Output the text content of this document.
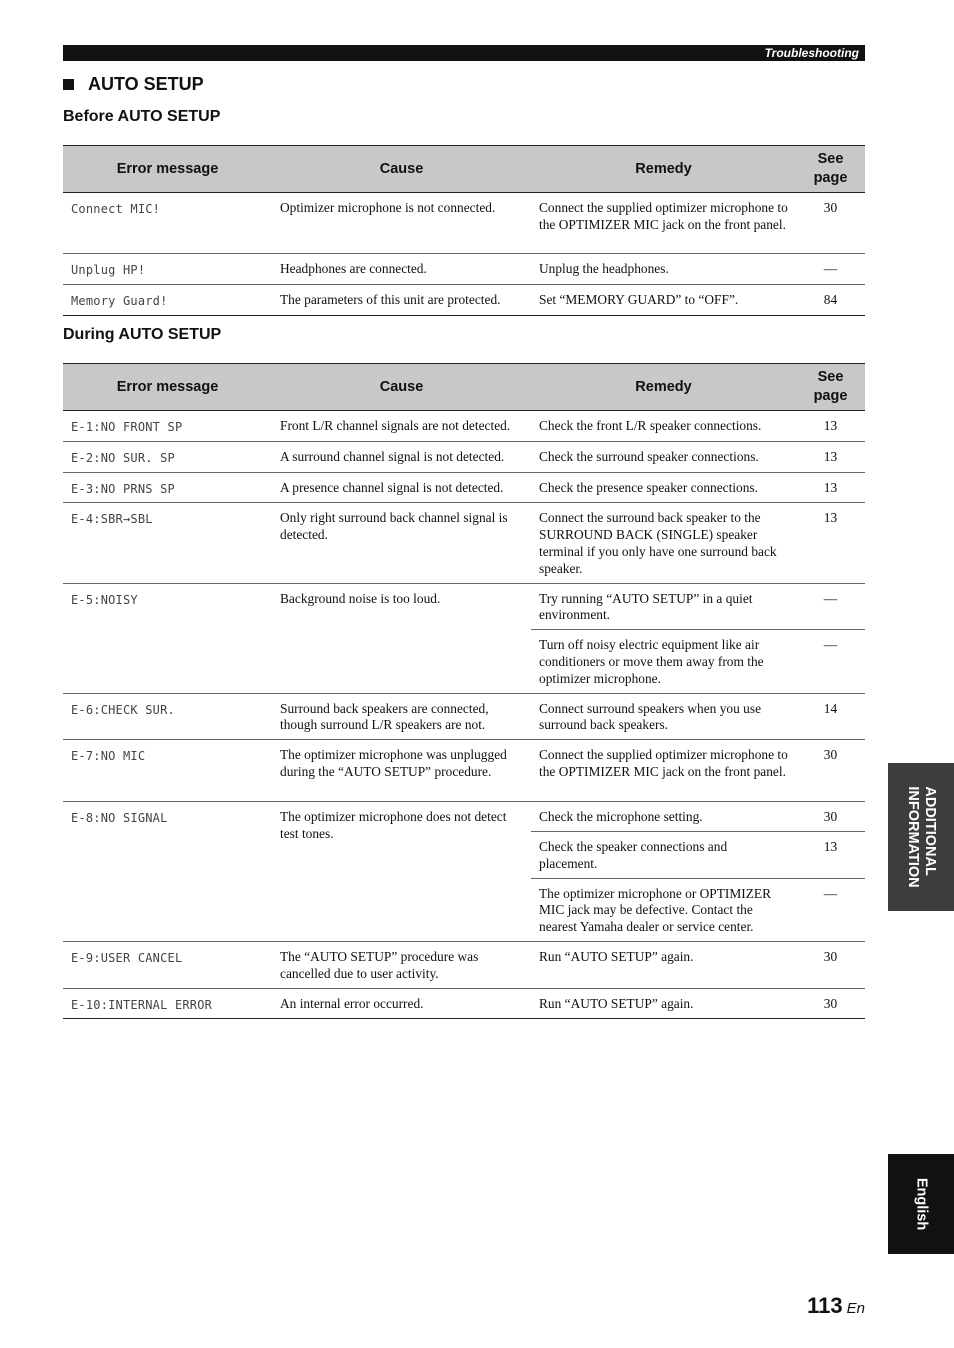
Troubleshooting
AUTO SETUP
Before AUTO SETUP
Error message	Cause	Remedy	See page
Connect MIC!	Optimizer microphone is not connected.	Connect the supplied optimizer microphone to the OPTIMIZER MIC jack on the front panel.	30
Unplug HP!	Headphones are connected.	Unplug the headphones.	—
Memory Guard!	The parameters of this unit are protected.	Set “MEMORY GUARD” to “OFF”.	84
During AUTO SETUP
Error message	Cause	Remedy	See page
E-1:NO FRONT SP	Front L/R channel signals are not detected.	Check the front L/R speaker connections.	13
E-2:NO SUR. SP	A surround channel signal is not detected.	Check the surround speaker connections.	13
E-3:NO PRNS SP	A presence channel signal is not detected.	Check the presence speaker connections.	13
E-4:SBR→SBL	Only right surround back channel signal is detected.	Connect the surround back speaker to the SURROUND BACK (SINGLE) speaker terminal if you only have one surround back speaker.	13
E-5:NOISY	Background noise is too loud.	Try running “AUTO SETUP” in a quiet environment.	—
		Turn off noisy electric equipment like air conditioners or move them away from the optimizer microphone.	—
E-6:CHECK SUR.	Surround back speakers are connected, though surround L/R speakers are not.	Connect surround speakers when you use surround back speakers.	14
E-7:NO MIC	The optimizer microphone was unplugged during the “AUTO SETUP” procedure.	Connect the supplied optimizer microphone to the OPTIMIZER MIC jack on the front panel.	30
E-8:NO SIGNAL	The optimizer microphone does not detect test tones.	Check the microphone setting.	30
		Check the speaker connections and placement.	13
		The optimizer microphone or OPTIMIZER MIC jack may be defective. Contact the nearest Yamaha dealer or service center.	—
E-9:USER CANCEL	The “AUTO SETUP” procedure was cancelled due to user activity.	Run “AUTO SETUP” again.	30
E-10:INTERNAL ERROR	An internal error occurred.	Run “AUTO SETUP” again.	30
ADDITIONAL
INFORMATION
English
113 En
